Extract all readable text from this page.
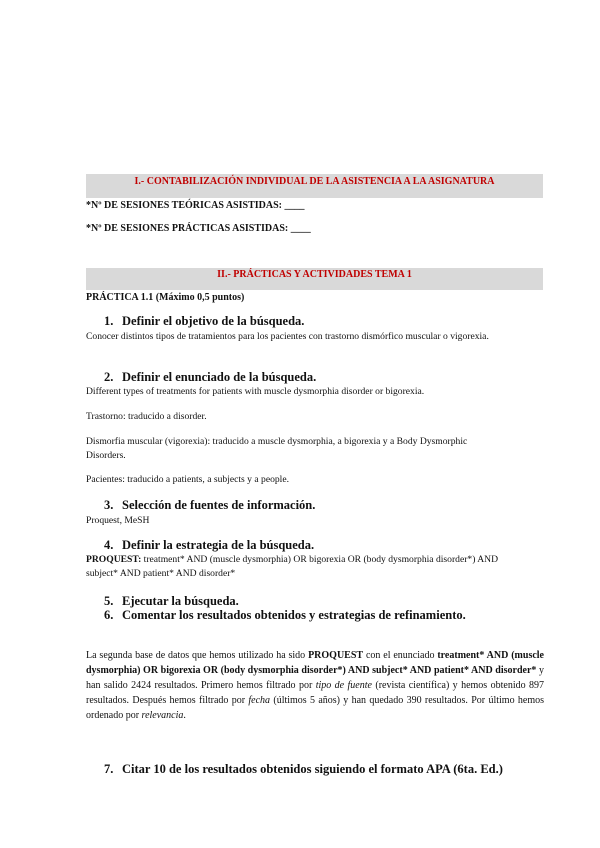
I.- CONTABILIZACIÓN INDIVIDUAL DE LA ASISTENCIA A LA ASIGNATURA
*Nº DE SESIONES TEÓRICAS ASISTIDAS: ____
*Nº DE SESIONES PRÁCTICAS ASISTIDAS: ____
II.- PRÁCTICAS Y ACTIVIDADES TEMA 1
PRÁCTICA 1.1 (Máximo 0,5 puntos)
1. Definir el objetivo de la búsqueda.
Conocer distintos tipos de tratamientos para los pacientes con trastorno dismórfico muscular o vigorexia.
2. Definir el enunciado de la búsqueda.
Different types of treatments for patients with muscle dysmorphia disorder or bigorexia.
Trastorno: traducido a disorder.
Dismorfia muscular (vigorexia): traducido a muscle dysmorphia, a bigorexia y a Body Dysmorphic Disorders.
Pacientes: traducido a patients, a subjects y a people.
3. Selección de fuentes de información.
Proquest, MeSH
4. Definir la estrategia de la búsqueda.
PROQUEST: treatment* AND (muscle dysmorphia) OR bigorexia OR (body dysmorphia disorder*) AND subject* AND patient* AND disorder*
5. Ejecutar la búsqueda.
6. Comentar los resultados obtenidos y estrategias de refinamiento.
La segunda base de datos que hemos utilizado ha sido PROQUEST con el enunciado treatment* AND (muscle dysmorphia) OR bigorexia OR (body dysmorphia disorder*) AND subject* AND patient* AND disorder* y han salido 2424 resultados. Primero hemos filtrado por tipo de fuente (revista científica) y hemos obtenido 897 resultados. Después hemos filtrado por fecha (últimos 5 años) y han quedado 390 resultados. Por último hemos ordenado por relevancia.
7. Citar 10 de los resultados obtenidos siguiendo el formato APA (6ta. Ed.)
